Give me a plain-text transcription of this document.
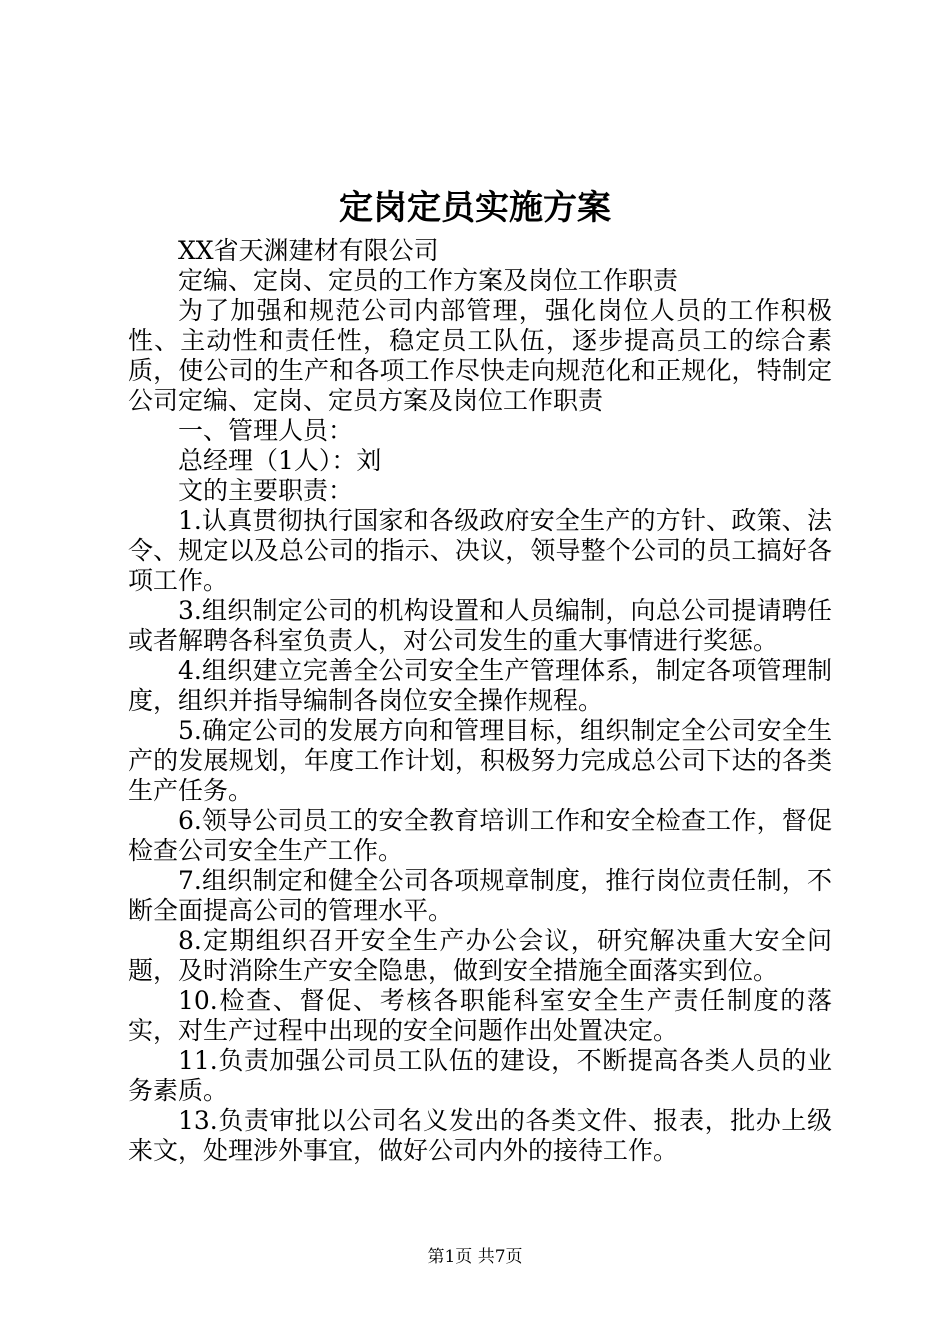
定岗定员实施方案

XX省天渊建材有限公司

定编、定岗、定员的工作方案及岗位工作职责

为了加强和规范公司内部管理，强化岗位人员的工作积极性、主动性和责任性，稳定员工队伍，逐步提高员工的综合素质，使公司的生产和各项工作尽快走向规范化和正规化，特制定公司定编、定岗、定员方案及岗位工作职责

一、管理人员：

总经理（1人）：刘

文的主要职责：

1.认真贯彻执行国家和各级政府安全生产的方针、政策、法令、规定以及总公司的指示、决议，领导整个公司的员工搞好各项工作。

3.组织制定公司的机构设置和人员编制，向总公司提请聘任或者解聘各科室负责人，对公司发生的重大事情进行奖惩。

4.组织建立完善全公司安全生产管理体系，制定各项管理制度，组织并指导编制各岗位安全操作规程。

5.确定公司的发展方向和管理目标，组织制定全公司安全生产的发展规划，年度工作计划，积极努力完成总公司下达的各类生产任务。

6.领导公司员工的安全教育培训工作和安全检查工作，督促检查公司安全生产工作。

7.组织制定和健全公司各项规章制度，推行岗位责任制，不断全面提高公司的管理水平。

8.定期组织召开安全生产办公会议，研究解决重大安全问题，及时消除生产安全隐患，做到安全措施全面落实到位。

10.检查、督促、考核各职能科室安全生产责任制度的落实，对生产过程中出现的安全问题作出处置决定。

11.负责加强公司员工队伍的建设，不断提高各类人员的业务素质。

13.负责审批以公司名义发出的各类文件、报表，批办上级来文，处理涉外事宜，做好公司内外的接待工作。

第1页 共7页
